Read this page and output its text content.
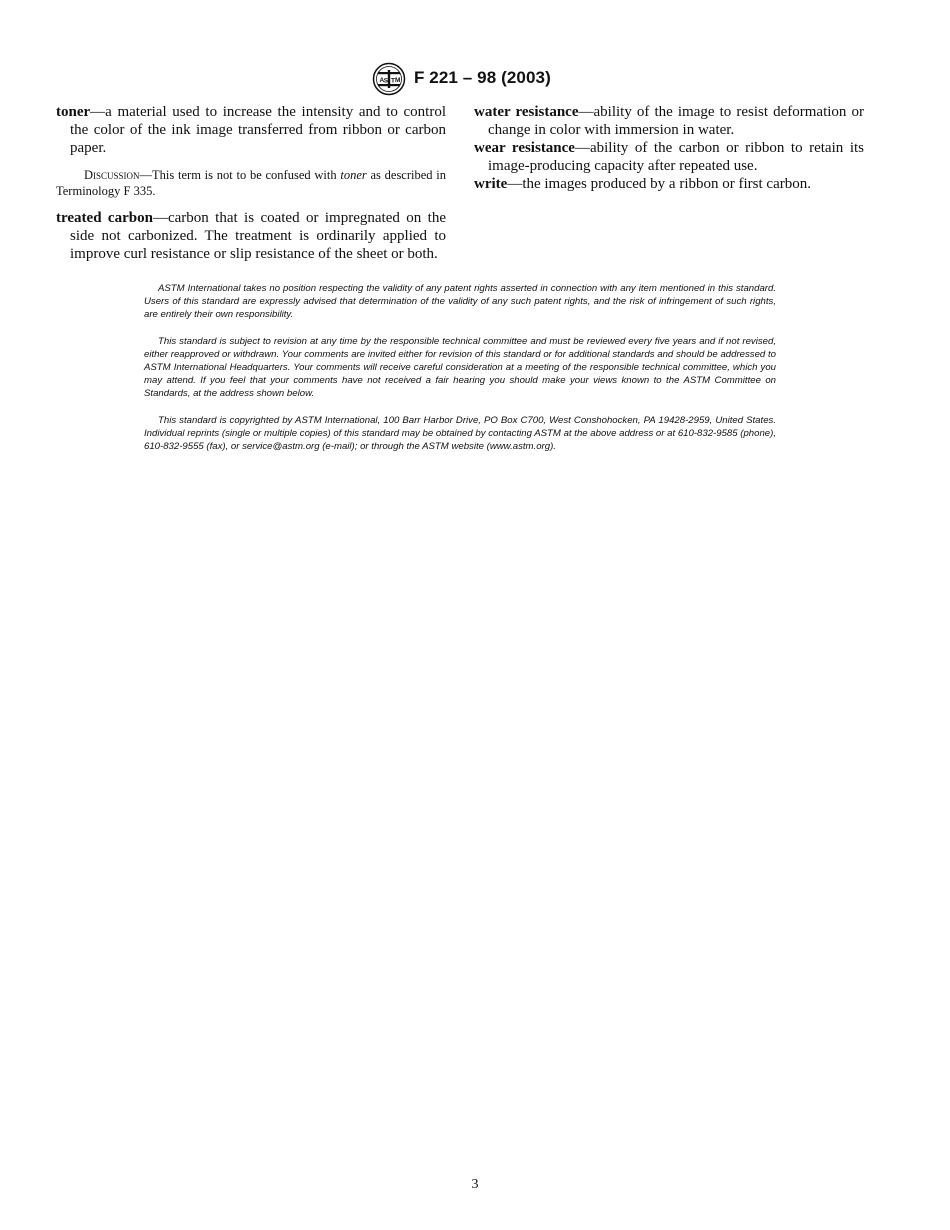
A S T M F 221 – 98 (2003)

toner—a material used to increase the intensity and to control the color of the ink image transferred from ribbon or carbon paper.

Discussion—This term is not to be confused with toner as described in Terminology F 335.

treated carbon—carbon that is coated or impregnated on the side not carbonized. The treatment is ordinarily applied to improve curl resistance or slip resistance of the sheet or both.

water resistance—ability of the image to resist deformation or change in color with immersion in water.

wear resistance—ability of the carbon or ribbon to retain its image-producing capacity after repeated use.

write—the images produced by a ribbon or first carbon.

ASTM International takes no position respecting the validity of any patent rights asserted in connection with any item mentioned in this standard. Users of this standard are expressly advised that determination of the validity of any such patent rights, and the risk of infringement of such rights, are entirely their own responsibility.

This standard is subject to revision at any time by the responsible technical committee and must be reviewed every five years and if not revised, either reapproved or withdrawn. Your comments are invited either for revision of this standard or for additional standards and should be addressed to ASTM International Headquarters. Your comments will receive careful consideration at a meeting of the responsible technical committee, which you may attend. If you feel that your comments have not received a fair hearing you should make your views known to the ASTM Committee on Standards, at the address shown below.

This standard is copyrighted by ASTM International, 100 Barr Harbor Drive, PO Box C700, West Conshohocken, PA 19428-2959, United States. Individual reprints (single or multiple copies) of this standard may be obtained by contacting ASTM at the above address or at 610-832-9585 (phone), 610-832-9555 (fax), or service@astm.org (e-mail); or through the ASTM website (www.astm.org).

3
